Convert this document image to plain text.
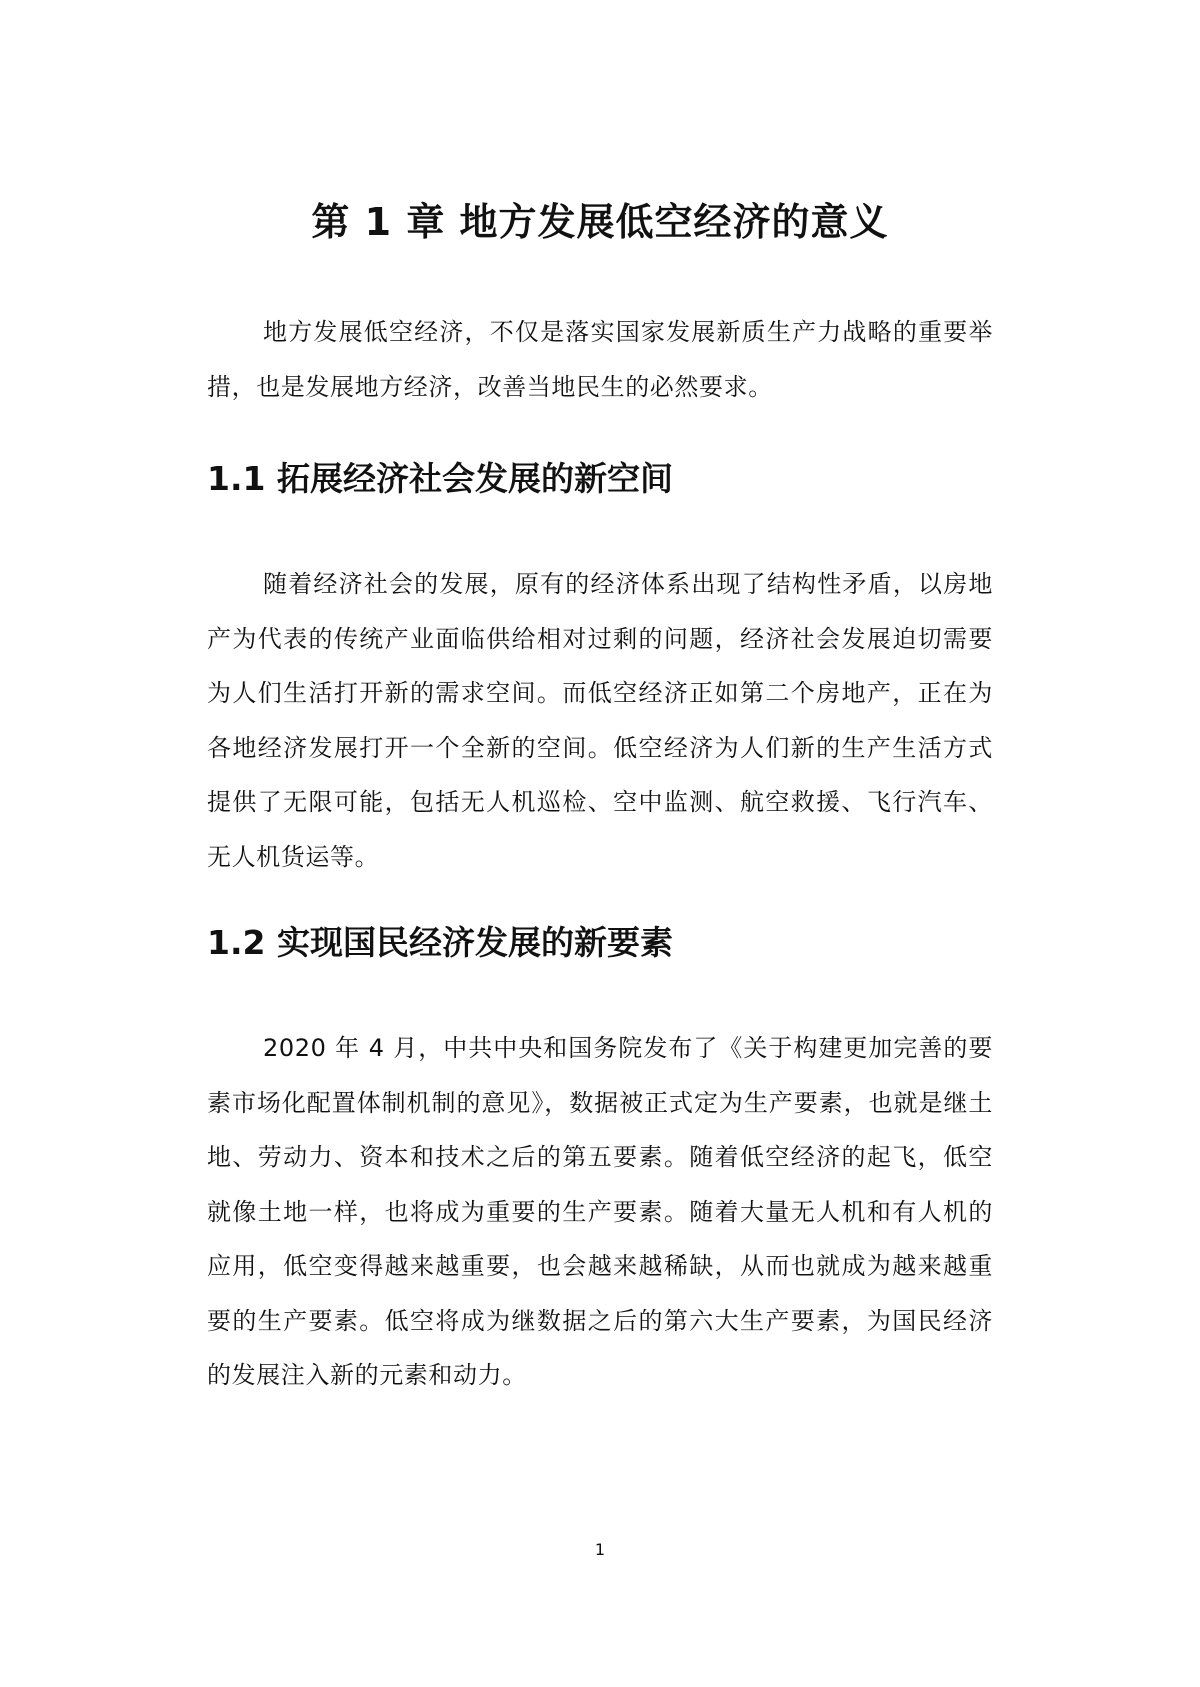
第 1 章 地方发展低空经济的意义

地方发展低空经济，不仅是落实国家发展新质生产力战略的重要举措，也是发展地方经济，改善当地民生的必然要求。

1.1 拓展经济社会发展的新空间

随着经济社会的发展，原有的经济体系出现了结构性矛盾，以房地产为代表的传统产业面临供给相对过剩的问题，经济社会发展迫切需要为人们生活打开新的需求空间。而低空经济正如第二个房地产，正在为各地经济发展打开一个全新的空间。低空经济为人们新的生产生活方式提供了无限可能，包括无人机巡检、空中监测、航空救援、飞行汽车、无人机货运等。

1.2 实现国民经济发展的新要素

2020 年 4 月，中共中央和国务院发布了《关于构建更加完善的要素市场化配置体制机制的意见》，数据被正式定为生产要素，也就是继土地、劳动力、资本和技术之后的第五要素。随着低空经济的起飞，低空就像土地一样，也将成为重要的生产要素。随着大量无人机和有人机的应用，低空变得越来越重要，也会越来越稀缺，从而也就成为越来越重要的生产要素。低空将成为继数据之后的第六大生产要素，为国民经济的发展注入新的元素和动力。

1
